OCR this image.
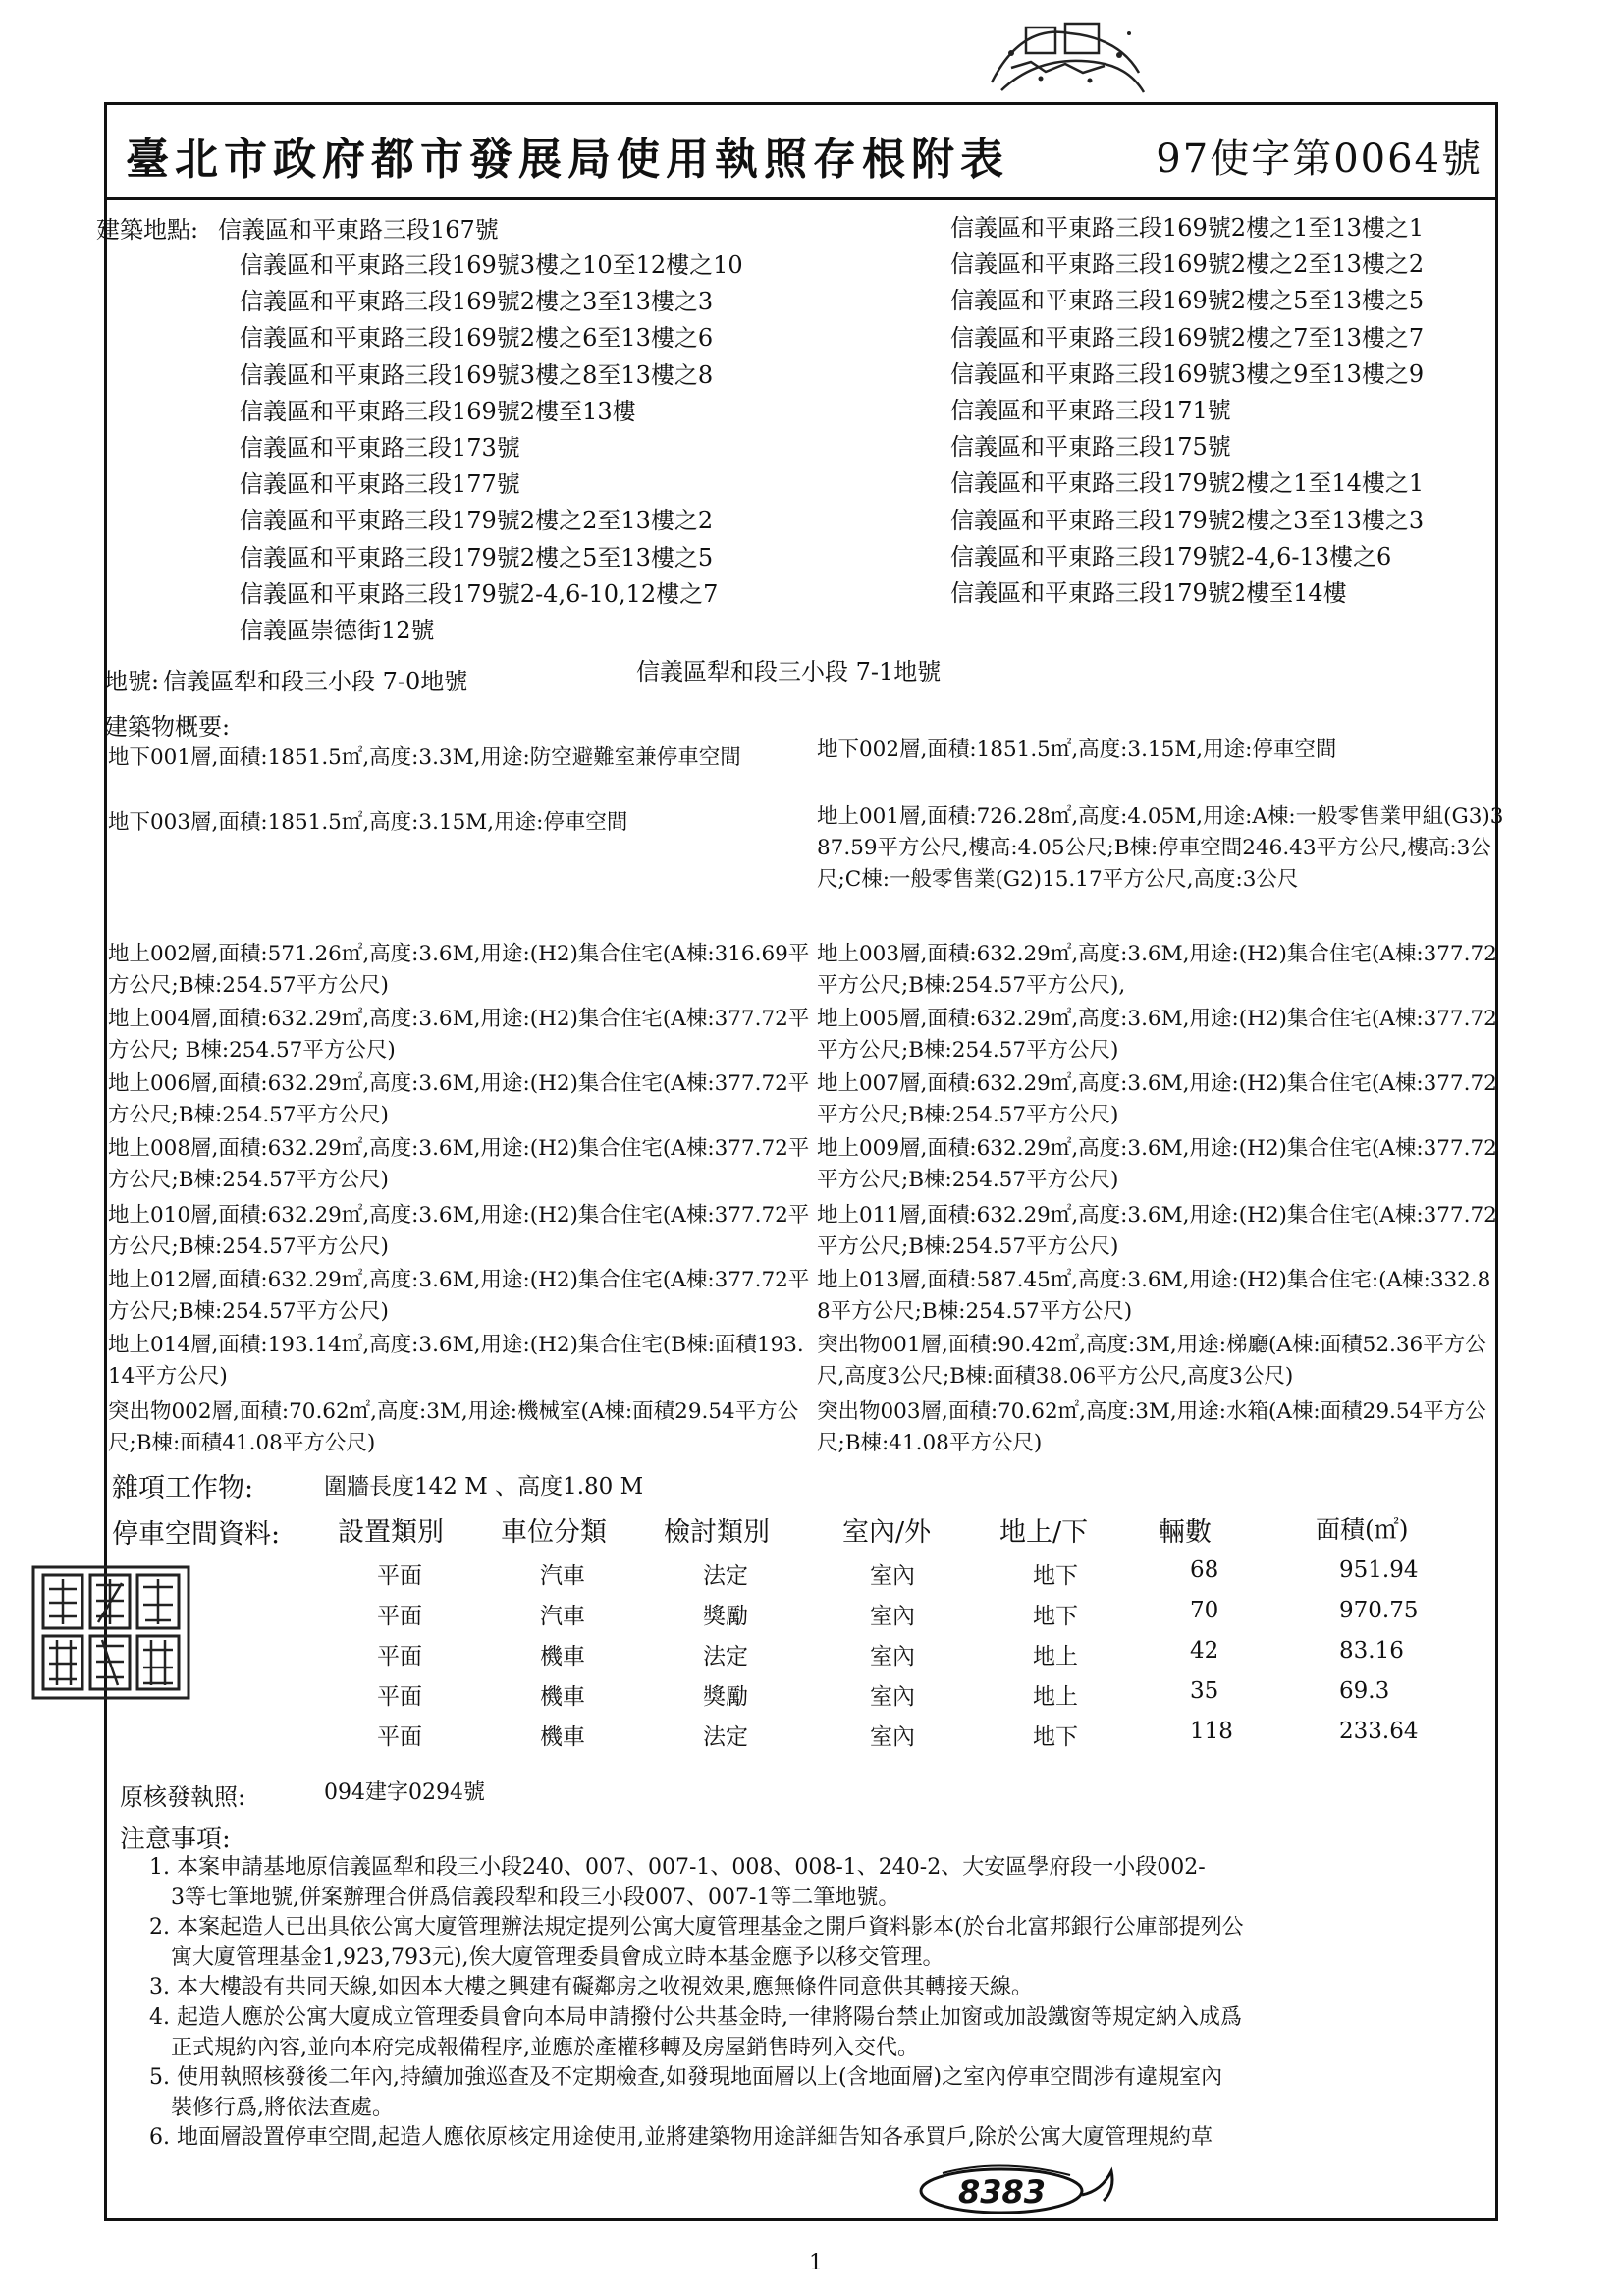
臺北市政府都市發展局使用執照存根附表	97使字第0064號
建築地點: 信義區和平東路三段167號
信義區和平東路三段169號3樓之10至12樓之10
信義區和平東路三段169號2樓之3至13樓之3
信義區和平東路三段169號2樓之6至13樓之6
信義區和平東路三段169號3樓之8至13樓之8
信義區和平東路三段169號2樓至13樓
信義區和平東路三段173號
信義區和平東路三段177號
信義區和平東路三段179號2樓之2至13樓之2
信義區和平東路三段179號2樓之5至13樓之5
信義區和平東路三段179號2-4,6-10,12樓之7
信義區崇德街12號
信義區和平東路三段169號2樓之1至13樓之1
信義區和平東路三段169號2樓之2至13樓之2
信義區和平東路三段169號2樓之5至13樓之5
信義區和平東路三段169號2樓之7至13樓之7
信義區和平東路三段169號3樓之9至13樓之9
信義區和平東路三段171號
信義區和平東路三段175號
信義區和平東路三段179號2樓之1至14樓之1
信義區和平東路三段179號2樓之3至13樓之3
信義區和平東路三段179號2-4,6-13樓之6
信義區和平東路三段179號2樓至14樓
地號: 信義區犁和段三小段 7-0地號	信義區犁和段三小段 7-1地號
建築物概要:
地下001層,面積:1851.5㎡,高度:3.3M,用途:防空避難室兼停車空間
地下003層,面積:1851.5㎡,高度:3.15M,用途:停車空間
地上002層,面積:571.26㎡,高度:3.6M,用途:(H2)集合住宅(A棟:316.69平方公尺;B棟:254.57平方公尺)
地上004層,面積:632.29㎡,高度:3.6M,用途:(H2)集合住宅(A棟:377.72平方公尺; B棟:254.57平方公尺)
地上006層,面積:632.29㎡,高度:3.6M,用途:(H2)集合住宅(A棟:377.72平方公尺;B棟:254.57平方公尺)
地上008層,面積:632.29㎡,高度:3.6M,用途:(H2)集合住宅(A棟:377.72平方公尺;B棟:254.57平方公尺)
地上010層,面積:632.29㎡,高度:3.6M,用途:(H2)集合住宅(A棟:377.72平方公尺;B棟:254.57平方公尺)
地上012層,面積:632.29㎡,高度:3.6M,用途:(H2)集合住宅(A棟:377.72平方公尺;B棟:254.57平方公尺)
地上014層,面積:193.14㎡,高度:3.6M,用途:(H2)集合住宅(B棟:面積193.14平方公尺)
突出物002層,面積:70.62㎡,高度:3M,用途:機械室(A棟:面積29.54平方公尺;B棟:面積41.08平方公尺)
地下002層,面積:1851.5㎡,高度:3.15M,用途:停車空間
地上001層,面積:726.28㎡,高度:4.05M,用途:A棟:一般零售業甲組(G3)387.59平方公尺,樓高:4.05公尺;B棟:停車空間246.43平方公尺,樓高:3公尺;C棟:一般零售業(G2)15.17平方公尺,高度:3公尺
地上003層,面積:632.29㎡,高度:3.6M,用途:(H2)集合住宅(A棟:377.72平方公尺;B棟:254.57平方公尺),
地上005層,面積:632.29㎡,高度:3.6M,用途:(H2)集合住宅(A棟:377.72平方公尺;B棟:254.57平方公尺)
地上007層,面積:632.29㎡,高度:3.6M,用途:(H2)集合住宅(A棟:377.72平方公尺;B棟:254.57平方公尺)
地上009層,面積:632.29㎡,高度:3.6M,用途:(H2)集合住宅(A棟:377.72平方公尺;B棟:254.57平方公尺)
地上011層,面積:632.29㎡,高度:3.6M,用途:(H2)集合住宅(A棟:377.72平方公尺;B棟:254.57平方公尺)
地上013層,面積:587.45㎡,高度:3.6M,用途:(H2)集合住宅:(A棟:332.88平方公尺;B棟:254.57平方公尺)
突出物001層,面積:90.42㎡,高度:3M,用途:梯廳(A棟:面積52.36平方公尺,高度3公尺;B棟:面積38.06平方公尺,高度3公尺)
突出物003層,面積:70.62㎡,高度:3M,用途:水箱(A棟:面積29.54平方公尺;B棟:41.08平方公尺)
雜項工作物:	圍牆長度142 M 、高度1.80 M
停車空間資料: 設置類別 車位分類 檢討類別	室內/外	地上/下	輛數	面積(㎡)
平面	汽車	法定	室內	地下	68	951.94
平面	汽車	獎勵	室內	地下	70	970.75
平面	機車	法定	室內	地上	42	83.16
平面	機車	獎勵	室內	地上	35	69.3
平面	機車	法定	室內	地下	118	233.64
原核發執照:	094建字0294號
注意事項:
1. 本案申請基地原信義區犁和段三小段240、007、007-1、008、008-1、240-2、大安區學府段一小段002-
3等七筆地號,併案辦理合併爲信義段犁和段三小段007、007-1等二筆地號。
2. 本案起造人已出具依公寓大廈管理辦法規定提列公寓大廈管理基金之開戶資料影本(於台北富邦銀行公庫部提列公
寓大廈管理基金1,923,793元),俟大廈管理委員會成立時本基金應予以移交管理。
3. 本大樓設有共同天線,如因本大樓之興建有礙鄰房之收視效果,應無條件同意供其轉接天線。
4. 起造人應於公寓大廈成立管理委員會向本局申請撥付公共基金時,一律將陽台禁止加窗或加設鐵窗等規定納入成爲
正式規約內容,並向本府完成報備程序,並應於產權移轉及房屋銷售時列入交代。
5. 使用執照核發後二年內,持續加強巡查及不定期檢查,如發現地面層以上(含地面層)之室內停車空間涉有違規室內
裝修行爲,將依法查處。
6. 地面層設置停車空間,起造人應依原核定用途使用,並將建築物用途詳細告知各承買戶,除於公寓大廈管理規約草
8383
1
